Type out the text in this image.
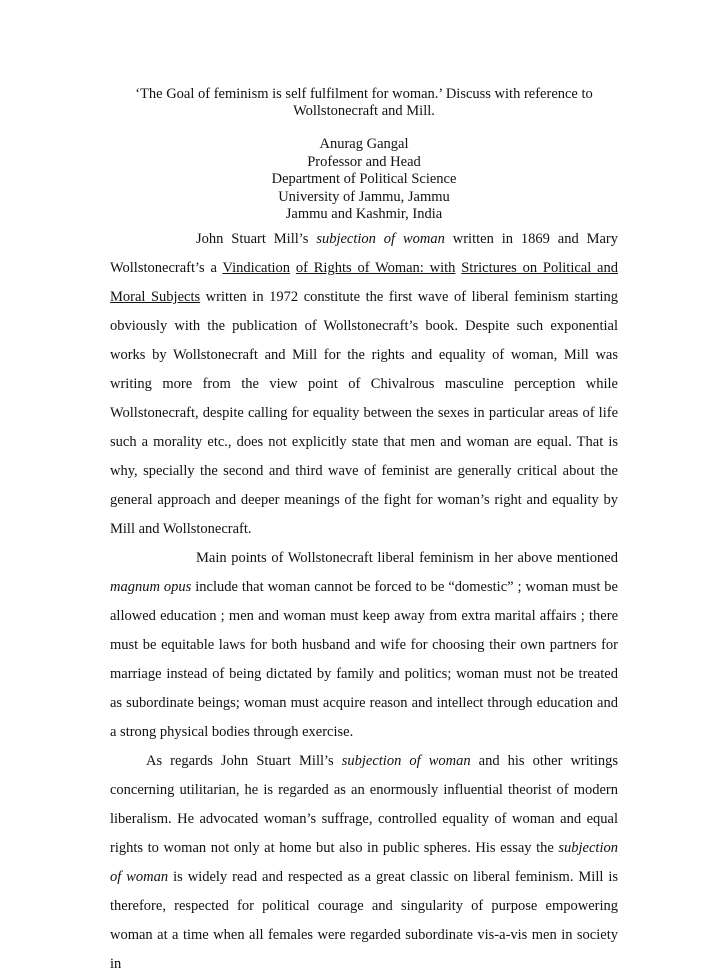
‘The Goal of feminism is self fulfilment for woman.’ Discuss with reference to
Wollstonecraft and Mill.
Anurag Gangal
Professor and Head
Department of Political Science
University of Jammu, Jammu
Jammu and Kashmir, India

John Stuart Mill’s subjection of woman written in 1869 and Mary Wollstonecraft’s a Vindication of Rights of Woman: with Strictures on Political and Moral Subjects written in 1972 constitute the first wave of liberal feminism starting obviously with the publication of Wollstonecraft’s book. Despite such exponential works by Wollstonecraft and Mill for the rights and equality of woman, Mill was writing more from the view point of Chivalrous masculine perception while Wollstonecraft, despite calling for equality between the sexes in particular areas of life such a morality etc., does not explicitly state that men and woman are equal. That is why, specially the second and third wave of feminist are generally critical about the general approach and deeper meanings of the fight for woman’s right and equality by Mill and Wollstonecraft.

Main points of Wollstonecraft liberal feminism in her above mentioned magnum opus include that woman cannot be forced to be “domestic” ; woman must be allowed education ; men and woman must keep away from extra marital affairs ; there must be equitable laws for both husband and wife for choosing their own partners for marriage instead of being dictated by family and politics; woman must not be treated as subordinate beings; woman must acquire reason and intellect through education and a strong physical bodies through exercise.

As regards John Stuart Mill’s subjection of woman and his other writings concerning utilitarian, he is regarded as an enormously influential theorist of modern liberalism. He advocated woman’s suffrage, controlled equality of woman and equal rights to woman not only at home but also in public spheres. His essay the subjection of woman is widely read and respected as a great classic on liberal feminism. Mill is therefore, respected for political courage and singularity of purpose empowering woman at a time when all females were regarded subordinate vis-a-vis men in society in
